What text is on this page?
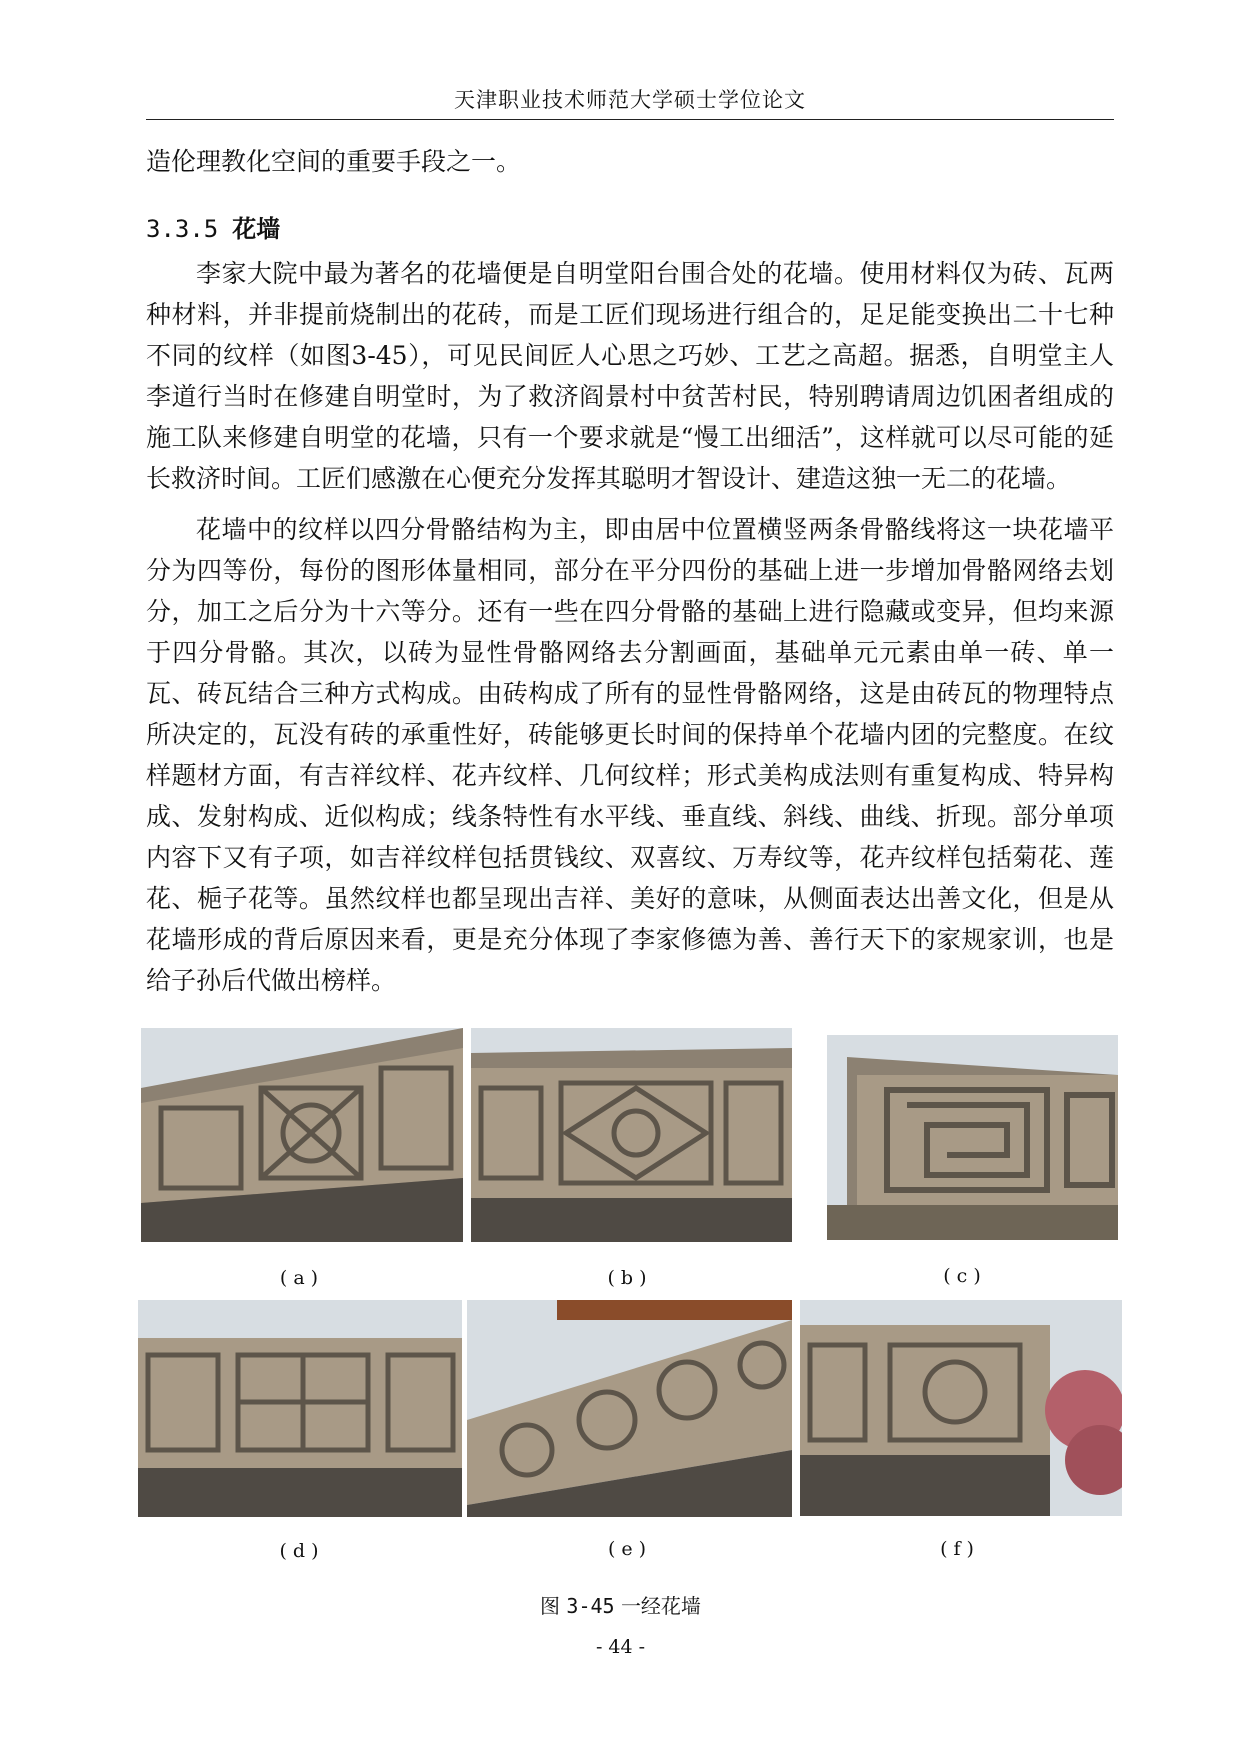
天津职业技术师范大学硕士学位论文

造伦理教化空间的重要手段之一。

3.3.5 花墙

李家大院中最为著名的花墙便是自明堂阳台围合处的花墙。使用材料仅为砖、瓦两种材料，并非提前烧制出的花砖，而是工匠们现场进行组合的，足足能变换出二十七种不同的纹样（如图3-45），可见民间匠人心思之巧妙、工艺之高超。据悉，自明堂主人李道行当时在修建自明堂时，为了救济阎景村中贫苦村民，特别聘请周边饥困者组成的施工队来修建自明堂的花墙，只有一个要求就是“慢工出细活”，这样就可以尽可能的延长救济时间。工匠们感激在心便充分发挥其聪明才智设计、建造这独一无二的花墙。

花墙中的纹样以四分骨骼结构为主，即由居中位置横竖两条骨骼线将这一块花墙平分为四等份，每份的图形体量相同，部分在平分四份的基础上进一步增加骨骼网络去划分，加工之后分为十六等分。还有一些在四分骨骼的基础上进行隐藏或变异，但均来源于四分骨骼。其次，以砖为显性骨骼网络去分割画面，基础单元元素由单一砖、单一瓦、砖瓦结合三种方式构成。由砖构成了所有的显性骨骼网络，这是由砖瓦的物理特点所决定的，瓦没有砖的承重性好，砖能够更长时间的保持单个花墙内团的完整度。在纹样题材方面，有吉祥纹样、花卉纹样、几何纹样；形式美构成法则有重复构成、特异构成、发射构成、近似构成；线条特性有水平线、垂直线、斜线、曲线、折现。部分单项内容下又有子项，如吉祥纹样包括贯钱纹、双喜纹、万寿纹等，花卉纹样包括菊花、莲花、梔子花等。虽然纹样也都呈现出吉祥、美好的意味，从侧面表达出善文化，但是从花墙形成的背后原因来看，更是充分体现了李家修德为善、善行天下的家规家训，也是给子孙后代做出榜样。

(a)	(b)	(c)
(d)	(e)	(f)
图 3-45 一经花墙
- 44 -
